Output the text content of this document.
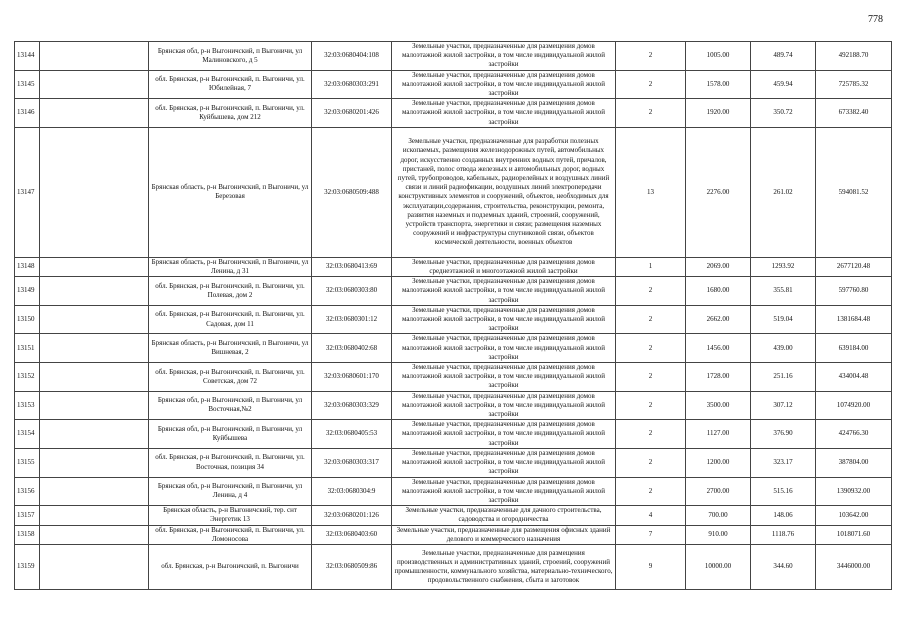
778
13144		Брянская обл, р-н Выгоничский, п Выгоничи, ул Малиновского, д 5	32:03:0680404:108	Земельные участки, предназначенные для размещения домов малоэтажной жилой застройки, в том числе индивидуальной жилой застройки	2	1005.00	489.74	492188.70
13145		обл. Брянская, р-н Выгоничский, п. Выгоничи, ул. Юбилейная, 7	32:03:0680303:291	Земельные участки, предназначенные для размещения домов малоэтажной жилой застройки, в том числе индивидуальной жилой застройки	2	1578.00	459.94	725785.32
13146		обл. Брянская, р-н Выгоничский, п. Выгоничи, ул. Куйбышева, дом 212	32:03:0680201:426	Земельные участки, предназначенные для размещения домов малоэтажной жилой застройки, в том числе индивидуальной жилой застройки	2	1920.00	350.72	673382.40
13147		Брянская область, р-н Выгоничский, п Выгоничи, ул Березовая	32:03:0680509:488	Земельные участки, предназначенные для разработки полезных ископаемых, размещения железнодорожных путей, автомобильных дорог, искусственно созданных внутренних водных путей, причалов, пристаней, полос отвода железных и автомобильных дорог, водных путей, трубопроводов, кабельных, радиорелейных и воздушных линий связи и линий радиофикации, воздушных линий электропередачи конструктивных элементов и сооружений, объектов, необходимых для эксплуатации,содержания, строительства, реконструкции, ремонта, развития наземных и подземных зданий, строений, сооружений, устройств транспорта, энергетики и связи; размещения наземных сооружений и инфраструктуры спутниковой связи, объектов космической деятельности, военных объектов	13	2276.00	261.02	594081.52
13148		Брянская область, р-н Выгоничский, п Выгоничи, ул Ленина, д 31	32:03:0680413:69	Земельные участки, предназначенные для размещения домов среднеэтажной и многоэтажной жилой застройки	1	2069.00	1293.92	2677120.48
13149		обл. Брянская, р-н Выгоничский, п. Выгоничи, ул. Полевая, дом 2	32:03:0680303:80	Земельные участки, предназначенные для размещения домов малоэтажной жилой застройки, в том числе индивидуальной жилой застройки	2	1680.00	355.81	597760.80
13150		обл. Брянская, р-н Выгоничский, п. Выгоничи, ул. Садовая, дом 11	32:03:0680301:12	Земельные участки, предназначенные для размещения домов малоэтажной жилой застройки, в том числе индивидуальной жилой застройки	2	2662.00	519.04	1381684.48
13151		Брянская область, р-н Выгоничский, п Выгоничи, ул Вишневая, 2	32:03:0680402:68	Земельные участки, предназначенные для размещения домов малоэтажной жилой застройки, в том числе индивидуальной жилой застройки	2	1456.00	439.00	639184.00
13152		обл. Брянская, р-н Выгоничский, п. Выгоничи, ул. Советская, дом 72	32:03:0680601:170	Земельные участки, предназначенные для размещения домов малоэтажной жилой застройки, в том числе индивидуальной жилой застройки	2	1728.00	251.16	434004.48
13153		Брянская обл, р-н Выгоничский, п Выгоничи, ул Восточная,№2	32:03:0680303:329	Земельные участки, предназначенные для размещения домов малоэтажной жилой застройки, в том числе индивидуальной жилой застройки	2	3500.00	307.12	1074920.00
13154		Брянская обл, р-н Выгоничский, п Выгоничи, ул Куйбышева	32:03:0680405:53	Земельные участки, предназначенные для размещения домов малоэтажной жилой застройки, в том числе индивидуальной жилой застройки	2	1127.00	376.90	424766.30
13155		обл. Брянская, р-н Выгоничский, п. Выгоничи, ул. Восточная, позиция 34	32:03:0680303:317	Земельные участки, предназначенные для размещения домов малоэтажной жилой застройки, в том числе индивидуальной жилой застройки	2	1200.00	323.17	387804.00
13156		Брянская обл, р-н Выгоничский, п Выгоничи, ул Ленина, д 4	32:03:0680304:9	Земельные участки, предназначенные для размещения домов малоэтажной жилой застройки, в том числе индивидуальной жилой застройки	2	2700.00	515.16	1390932.00
13157		Брянская область, р-н Выгоничский, тер. снт Энергетик 13	32:03:0680201:126	Земельные участки, предназначенные для дачного строительства, садоводства и огородничества	4	700.00	148.06	103642.00
13158		обл. Брянская, р-н Выгоничский, п. Выгоничи, ул. Ломоносова	32:03:0680403:60	Земельные участки, предназначенные для размещения офисных зданий делового и коммерческого назначения	7	910.00	1118.76	1018071.60
13159		обл. Брянская, р-н Выгоничский, п. Выгоничи	32:03:0680509:86	Земельные участки, предназначенные для размещения производственных и административных зданий, строений, сооружений промышленности, коммунального хозяйства, материально-технического, продовольственного снабжения, сбыта и заготовок	9	10000.00	344.60	3446000.00
